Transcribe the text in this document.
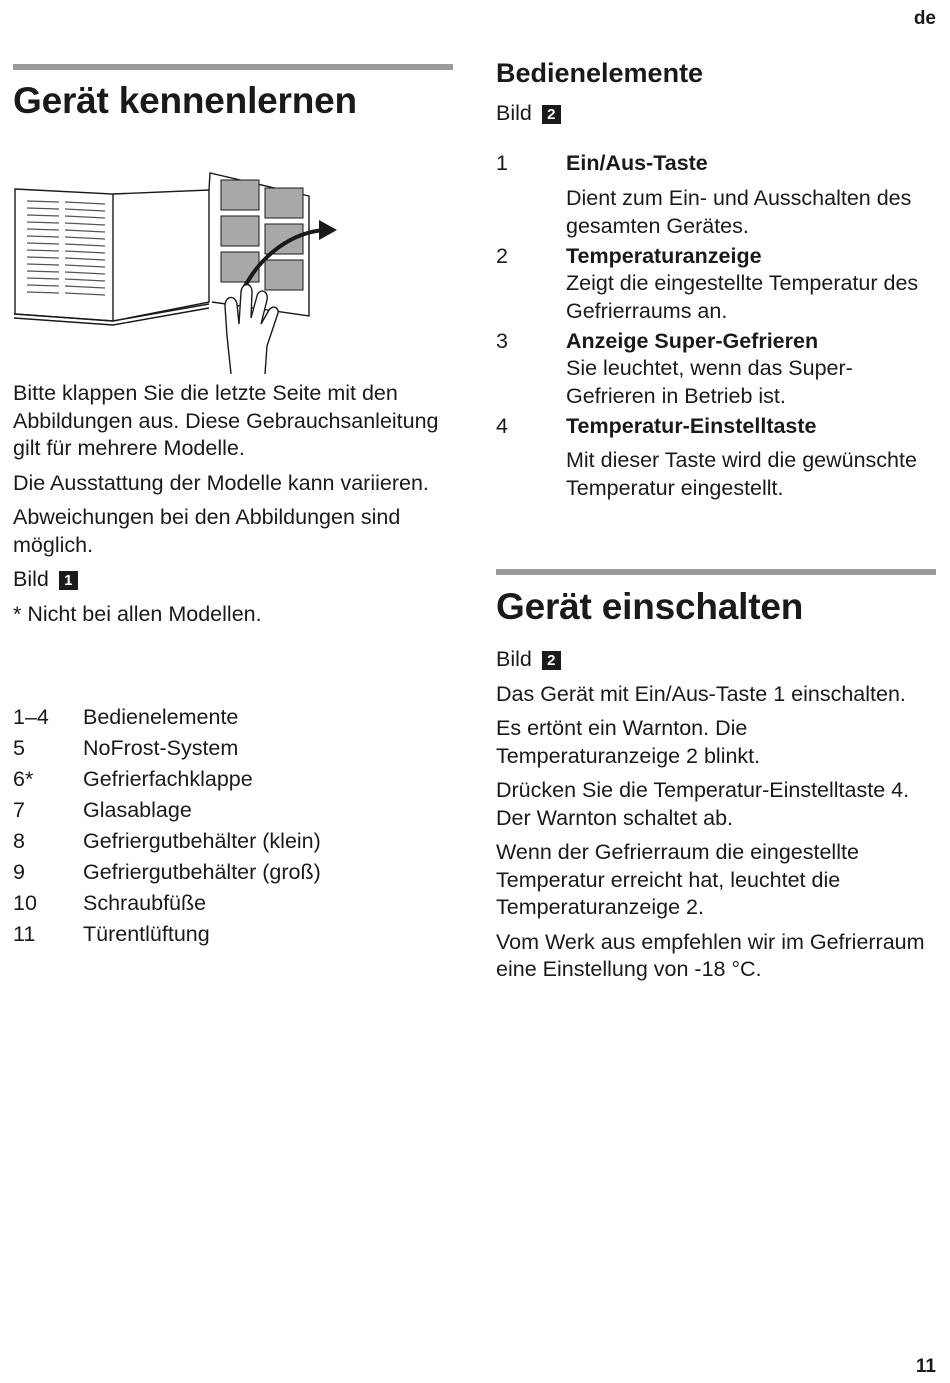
de
11
Gerät kennenlernen

Bitte klappen Sie die letzte Seite mit den Abbildungen aus. Diese Gebrauchsanleitung gilt für mehrere Modelle.

Die Ausstattung der Modelle kann variieren.

Abweichungen bei den Abbildungen sind möglich.

Bild 1

* Nicht bei allen Modellen.

1–4	Bedienelemente
5	NoFrost-System
6*	Gefrierfachklappe
7	Glasablage
8	Gefriergutbehälter (klein)
9	Gefriergutbehälter (groß)
10	Schraubfüße
11	Türentlüftung
Bedienelemente
Bild 2
1	Ein/Aus-Taste

Dient zum Ein- und Ausschalten des gesamten Gerätes.

2	Temperaturanzeige

Zeigt die eingestellte Temperatur des Gefrierraums an.

3	Anzeige Super-Gefrieren

Sie leuchtet, wenn das Super-Gefrieren in Betrieb ist.

4	Temperatur-Einstelltaste

Mit dieser Taste wird die gewünschte Temperatur eingestellt.

Gerät einschalten

Bild 2

Das Gerät mit Ein/Aus-Taste 1 einschalten.

Es ertönt ein Warnton. Die Temperaturanzeige 2 blinkt.

Drücken Sie die Temperatur-Einstelltaste 4. Der Warnton schaltet ab.

Wenn der Gefrierraum die eingestellte Temperatur erreicht hat, leuchtet die Temperaturanzeige 2.

Vom Werk aus empfehlen wir im Gefrierraum eine Einstellung von -18 °C.
